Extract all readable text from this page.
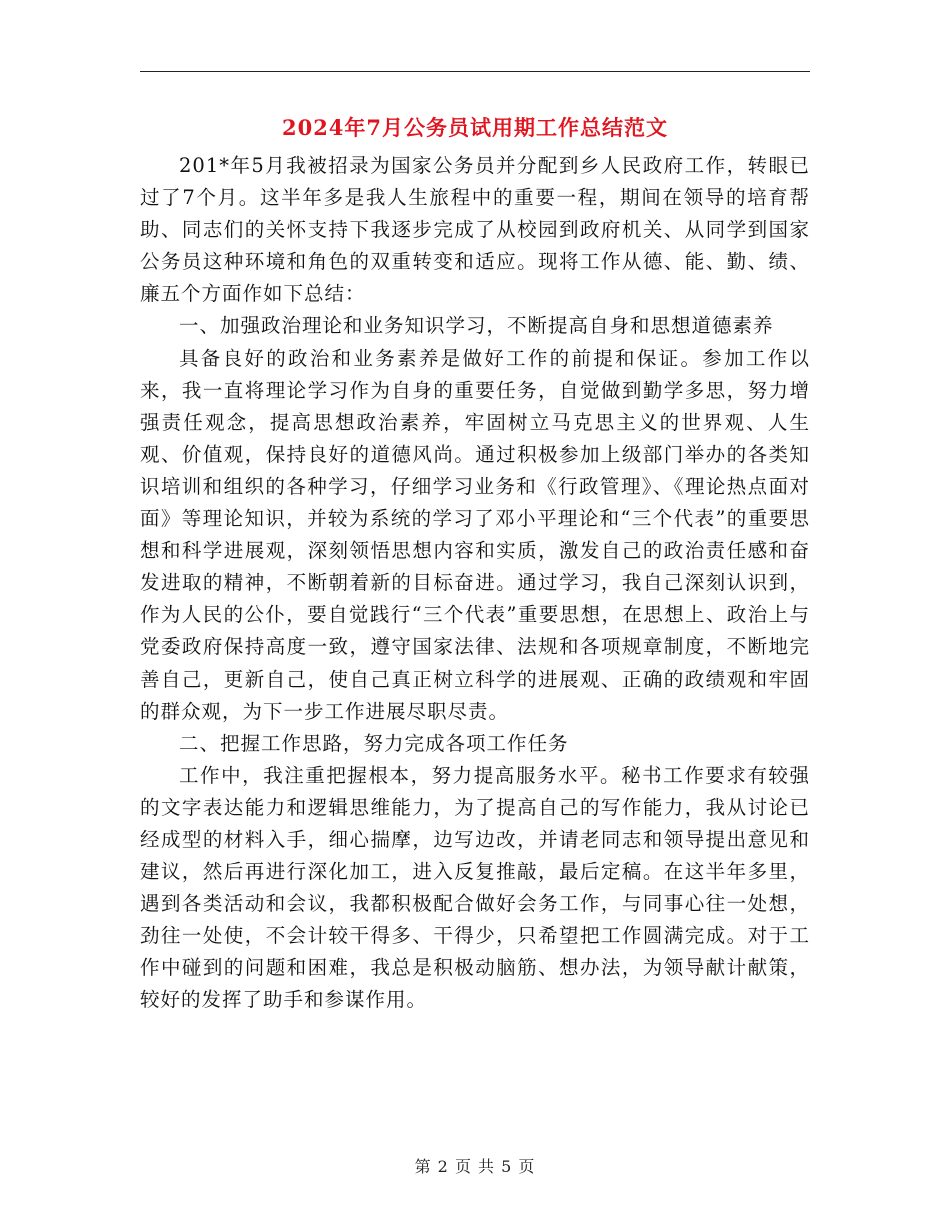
2024年7月公务员试用期工作总结范文

201*年5月我被招录为国家公务员并分配到乡人民政府工作，转眼已过了7个月。这半年多是我人生旅程中的重要一程，期间在领导的培育帮助、同志们的关怀支持下我逐步完成了从校园到政府机关、从同学到国家公务员这种环境和角色的双重转变和适应。现将工作从德、能、勤、绩、廉五个方面作如下总结：

一、加强政治理论和业务知识学习，不断提高自身和思想道德素养

具备良好的政治和业务素养是做好工作的前提和保证。参加工作以来，我一直将理论学习作为自身的重要任务，自觉做到勤学多思，努力增强责任观念，提高思想政治素养，牢固树立马克思主义的世界观、人生观、价值观，保持良好的道德风尚。通过积极参加上级部门举办的各类知识培训和组织的各种学习，仔细学习业务和《行政管理》、《理论热点面对面》等理论知识，并较为系统的学习了邓小平理论和“三个代表”的重要思想和科学进展观，深刻领悟思想内容和实质，激发自己的政治责任感和奋发进取的精神，不断朝着新的目标奋进。通过学习，我自己深刻认识到，作为人民的公仆，要自觉践行“三个代表”重要思想，在思想上、政治上与党委政府保持高度一致，遵守国家法律、法规和各项规章制度，不断地完善自己，更新自己，使自己真正树立科学的进展观、正确的政绩观和牢固的群众观，为下一步工作进展尽职尽责。

二、把握工作思路，努力完成各项工作任务

工作中，我注重把握根本，努力提高服务水平。秘书工作要求有较强的文字表达能力和逻辑思维能力，为了提高自己的写作能力，我从讨论已经成型的材料入手，细心揣摩，边写边改，并请老同志和领导提出意见和建议，然后再进行深化加工，进入反复推敲，最后定稿。在这半年多里，遇到各类活动和会议，我都积极配合做好会务工作，与同事心往一处想，劲往一处使，不会计较干得多、干得少，只希望把工作圆满完成。对于工作中碰到的问题和困难，我总是积极动脑筋、想办法，为领导献计献策，较好的发挥了助手和参谋作用。

第 2 页 共 5 页
